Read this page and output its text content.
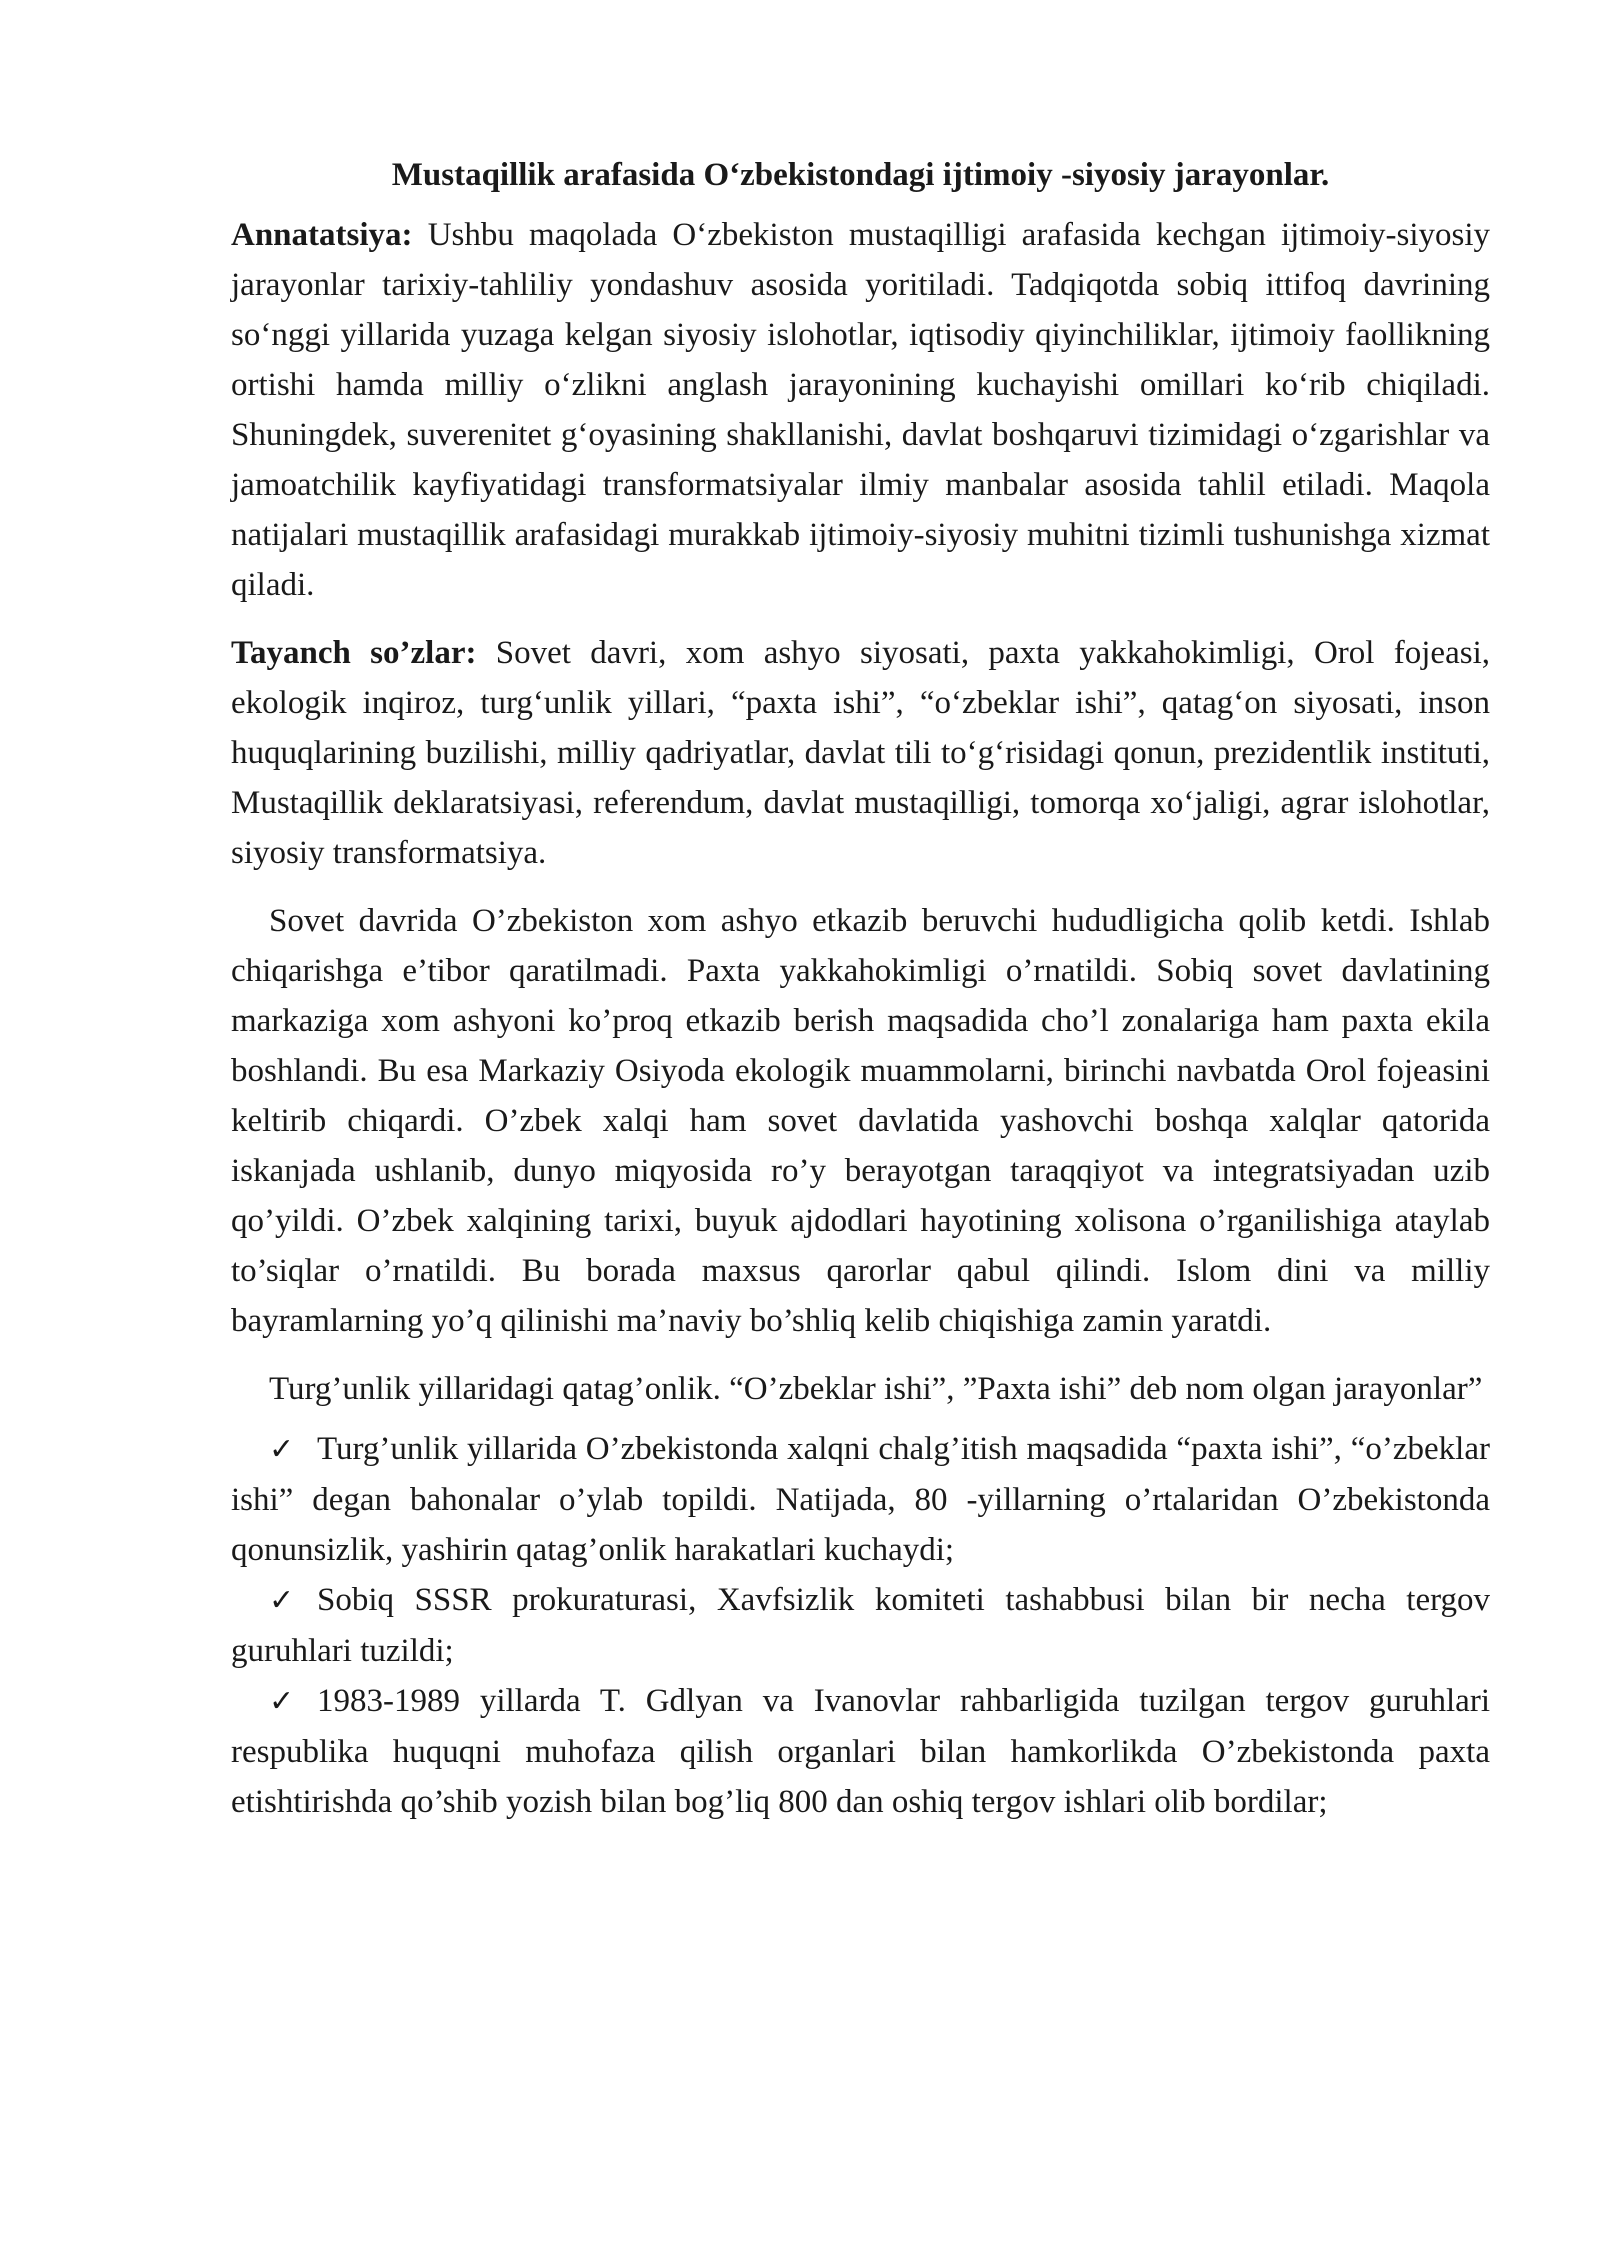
Mustaqillik arafasida O‘zbekistondagi ijtimoiy -siyosiy jarayonlar.

Annatatsiya: Ushbu maqolada O‘zbekiston mustaqilligi arafasida kechgan ijtimoiy-siyosiy jarayonlar tarixiy-tahliliy yondashuv asosida yoritiladi. Tadqiqotda sobiq ittifoq davrining so‘nggi yillarida yuzaga kelgan siyosiy islohotlar, iqtisodiy qiyinchiliklar, ijtimoiy faollikning ortishi hamda milliy o‘zlikni anglash jarayonining kuchayishi omillari ko‘rib chiqiladi. Shuningdek, suverenitet g‘oyasining shakllanishi, davlat boshqaruvi tizimidagi o‘zgarishlar va jamoatchilik kayfiyatidagi transformatsiyalar ilmiy manbalar asosida tahlil etiladi. Maqola natijalari mustaqillik arafasidagi murakkab ijtimoiy-siyosiy muhitni tizimli tushunishga xizmat qiladi.

Tayanch so’zlar: Sovet davri, xom ashyo siyosati, paxta yakkahokimligi, Orol fojeasi, ekologik inqiroz, turg‘unlik yillari, “paxta ishi”, “o‘zbeklar ishi”, qatag‘on siyosati, inson huquqlarining buzilishi, milliy qadriyatlar, davlat tili to‘g‘risidagi qonun, prezidentlik instituti, Mustaqillik deklaratsiyasi, referendum, davlat mustaqilligi, tomorqa xo‘jaligi, agrar islohotlar, siyosiy transformatsiya.

Sovet davrida O’zbekiston xom ashyo etkazib beruvchi hududligicha qolib ketdi. Ishlab chiqarishga e’tibor qaratilmadi. Paxta yakkahokimligi o’rnatildi. Sobiq sovet davlatining markaziga xom ashyoni ko’proq etkazib berish maqsadida cho’l zonalariga ham paxta ekila boshlandi. Bu esa Markaziy Osiyoda ekologik muammolarni, birinchi navbatda Orol fojeasini keltirib chiqardi. O’zbek xalqi ham sovet davlatida yashovchi boshqa xalqlar qatorida iskanjada ushlanib, dunyo miqyosida ro’y berayotgan taraqqiyot va integratsiyadan uzib qo’yildi. O’zbek xalqining tarixi, buyuk ajdodlari hayotining xolisona o’rganilishiga ataylab to’siqlar o’rnatildi. Bu borada maxsus qarorlar qabul qilindi. Islom dini va milliy bayramlarning yo’q qilinishi ma’naviy bo’shliq kelib chiqishiga zamin yaratdi.

Turg’unlik yillaridagi qatag’onlik. “O’zbeklar ishi”, ”Paxta ishi” deb nom olgan jarayonlar”

✓ Turg’unlik yillarida O’zbekistonda xalqni chalg’itish maqsadida “paxta ishi”, “o’zbeklar ishi” degan bahonalar o’ylab topildi. Natijada, 80 -yillarning o’rtalaridan O’zbekistonda qonunsizlik, yashirin qatag’onlik harakatlari kuchaydi;

✓ Sobiq SSSR prokuraturasi, Xavfsizlik komiteti tashabbusi bilan bir necha tergov guruhlari tuzildi;

✓ 1983-1989 yillarda T. Gdlyan va Ivanovlar rahbarligida tuzilgan tergov guruhlari respublika huquqni muhofaza qilish organlari bilan hamkorlikda O’zbekistonda paxta etishtirishda qo’shib yozish bilan bog’liq 800 dan oshiq tergov ishlari olib bordilar;
